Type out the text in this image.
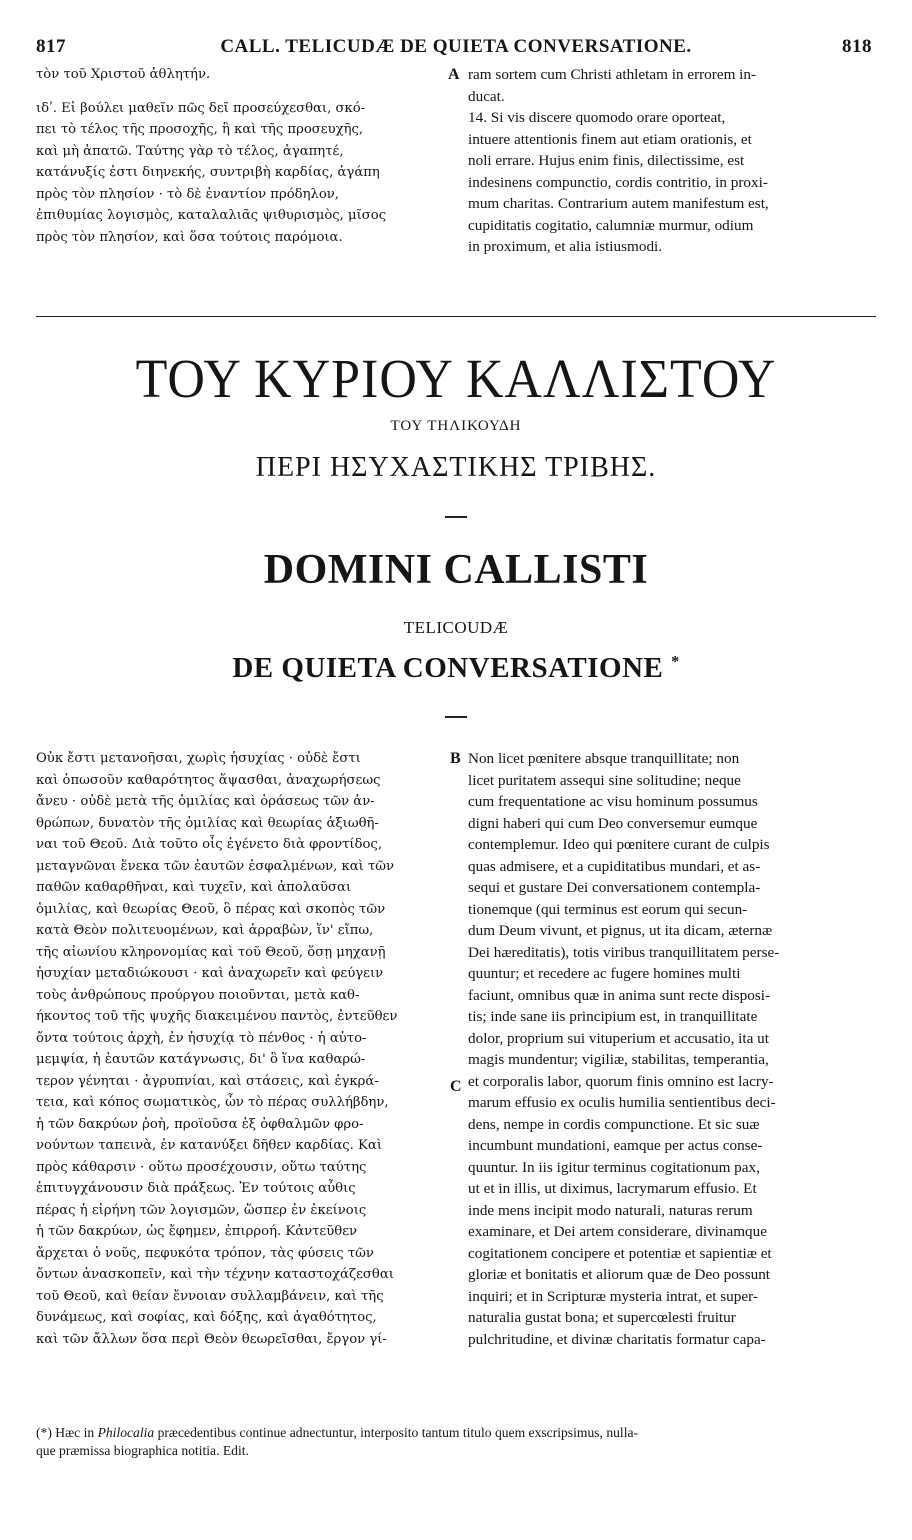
817	CALL. TELICUDÆ DE QUIETA CONVERSATIONE.	818

τὸν τοῦ Χριστοῦ ἀθλητήν.

ιδʹ. Εἰ βούλει μαθεῖν πῶς δεῖ προσεύχεσθαι, σκό-

πει τὸ τέλος τῆς προσοχῆς, ἢ καὶ τῆς προσευχῆς,

καὶ μὴ ἀπατῶ. Ταύτης γὰρ τὸ τέλος, ἀγαπητέ,

κατάνυξίς ἐστι διηνεκής, συντριβὴ καρδίας, ἀγάπη

πρὸς τὸν πλησίον · τὸ δὲ ἐναντίον πρόδηλον,

ἐπιθυμίας λογισμὸς, καταλαλιᾶς ψιθυρισμὸς, μῖσος

πρὸς τὸν πλησίον, καὶ ὅσα τούτοις παρόμοια.

A ram sortem cum Christi athletam in errorem in-

ducat.

14. Si vis discere quomodo orare oporteat,

intuere attentionis finem aut etiam orationis, et

noli errare. Hujus enim finis, dilectissime, est

indesinens compunctio, cordis contritio, in proxi-

mum charitas. Contrarium autem manifestum est,

cupiditatis cogitatio, calumniæ murmur, odium

in proximum, et alia istiusmodi.

ΤΟΥ ΚΥΡΙΟΥ ΚΑΛΛΙΣΤΟΥ

ΤΟΥ ΤΗΛΙΚΟΥΔΗ

ΠΕΡΙ ΗΣΥΧΑΣΤΙΚΗΣ ΤΡΙΒΗΣ.

DOMINI CALLISTI

TELICOUDÆ

DE QUIETA CONVERSATIONE *

Οὐκ ἔστι μετανοῆσαι, χωρὶς ἡσυχίας · οὐδὲ ἔστι

καὶ ὁπωσοῦν καθαρότητος ἅψασθαι, ἀναχωρήσεως

ἄνευ · οὐδὲ μετὰ τῆς ὁμιλίας καὶ ὁράσεως τῶν ἀν-

θρώπων, δυνατὸν τῆς ὁμιλίας καὶ θεωρίας ἀξιωθῆ-

ναι τοῦ Θεοῦ. Διὰ τοῦτο οἷς ἐγένετο διὰ φροντίδος,

μεταγνῶναι ἕνεκα τῶν ἑαυτῶν ἐσφαλμένων, καὶ τῶν

παθῶν καθαρθῆναι, καὶ τυχεῖν, καὶ ἀπολαῦσαι

ὁμιλίας, καὶ θεωρίας Θεοῦ, ὃ πέρας καὶ σκοπὸς τῶν

κατὰ Θεὸν πολιτευομένων, καὶ ἀρραβὼν, ἵν' εἴπω,

τῆς αἰωνίου κληρονομίας καὶ τοῦ Θεοῦ, ὅσῃ μηχανῇ

ἡσυχίαν μεταδιώκουσι · καὶ ἀναχωρεῖν καὶ φεύγειν

τοὺς ἀνθρώπους προύργου ποιοῦνται, μετὰ καθ-

ήκοντος τοῦ τῆς ψυχῆς διακειμένου παντὸς, ἐντεῦθεν

ὄντα τούτοις ἀρχὴ, ἐν ἡσυχίᾳ τὸ πένθος · ἡ αὐτο-

μεμψία, ἡ ἑαυτῶν κατάγνωσις, δι' ὃ ἵνα καθαρώ-

τερον γένηται · ἀγρυπνίαι, καὶ στάσεις, καὶ ἐγκρά-

τεια, καὶ κόπος σωματικὸς, ὧν τὸ πέρας συλλήβδην,

ἡ τῶν δακρύων ῥοὴ, προϊοῦσα ἐξ ὀφθαλμῶν φρο-

νούντων ταπεινὰ, ἐν κατανύξει δῆθεν καρδίας. Καὶ

πρὸς κάθαρσιν · οὕτω προσέχουσιν, οὕτω ταύτης

ἐπιτυγχάνουσιν διὰ πράξεως. Ἐν τούτοις αὖθις

πέρας ἡ εἰρήνη τῶν λογισμῶν, ὥσπερ ἐν ἐκείνοις

ἡ τῶν δακρύων, ὡς ἔφημεν, ἐπιρροή. Κἀντεῦθεν

ἄρχεται ὁ νοῦς, πεφυκότα τρόπον, τὰς φύσεις τῶν

ὄντων ἀνασκοπεῖν, καὶ τὴν τέχνην καταστοχάζεσθαι

τοῦ Θεοῦ, καὶ θείαν ἔννοιαν συλλαμβάνειν, καὶ τῆς

δυνάμεως, καὶ σοφίας, καὶ δόξης, καὶ ἀγαθότητος,

καὶ τῶν ἄλλων ὅσα περὶ Θεὸν θεωρεῖσθαι, ἔργον γί-

B
C

Non licet pœnitere absque tranquillitate; non

licet puritatem assequi sine solitudine; neque

cum frequentatione ac visu hominum possumus

digni haberi qui cum Deo conversemur eumque

contemplemur. Ideo qui pœnitere curant de culpis

quas admisere, et a cupiditatibus mundari, et as-

sequi et gustare Dei conversationem contempla-

tionemque (qui terminus est eorum qui secun-

dum Deum vivunt, et pignus, ut ita dicam, æternæ

Dei hæreditatis), totis viribus tranquillitatem perse-

quuntur; et recedere ac fugere homines multi

faciunt, omnibus quæ in anima sunt recte disposi-

tis; inde sane iis principium est, in tranquillitate

dolor, proprium sui vituperium et accusatio, ita ut

magis mundentur; vigiliæ, stabilitas, temperantia,

et corporalis labor, quorum finis omnino est lacry-

marum effusio ex oculis humilia sentientibus deci-

dens, nempe in cordis compunctione. Et sic suæ

incumbunt mundationi, eamque per actus conse-

quuntur. In iis igitur terminus cogitationum pax,

ut et in illis, ut diximus, lacrymarum effusio. Et

inde mens incipit modo naturali, naturas rerum

examinare, et Dei artem considerare, divinamque

cogitationem concipere et potentiæ et sapientiæ et

gloriæ et bonitatis et aliorum quæ de Deo possunt

inquiri; et in Scripturæ mysteria intrat, et super-

naturalia gustat bona; et supercœlesti fruitur

pulchritudine, et divinæ charitatis formatur capa-

(*) Hæc in Philocalia præcedentibus continue adnectuntur, interposito tantum titulo quem exscripsimus, nulla-

que præmissa biographica notitia. Edit.
